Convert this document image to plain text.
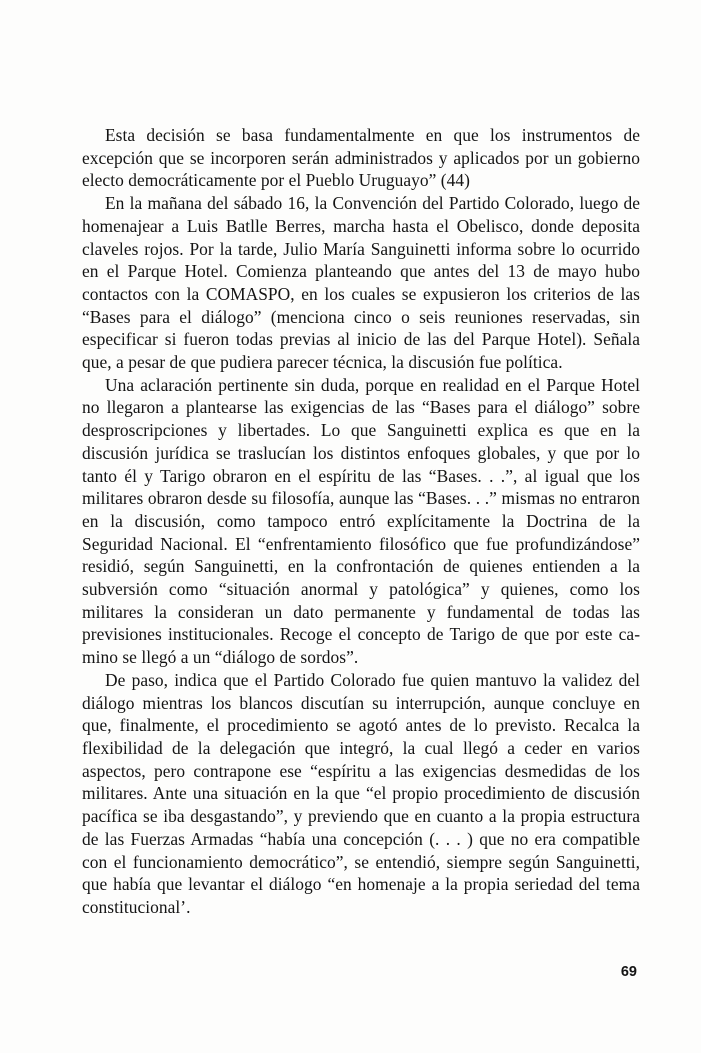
Esta decisión se basa fundamentalmente en que los instrumentos de excepción que se incorporen serán administrados y aplicados por un gobierno electo democráticamente por el Pueblo Uruguayo” (44)

En la mañana del sábado 16, la Convención del Partido Colorado, luego de homenajear a Luis Batlle Berres, marcha hasta el Obelisco, donde deposita claveles rojos. Por la tarde, Julio María Sanguinetti informa sobre lo ocurrido en el Parque Hotel. Comienza planteando que antes del 13 de mayo hubo contactos con la COMASPO, en los cuales se expusieron los criterios de las “Bases para el diálogo” (menciona cinco o seis reuniones reservadas, sin especificar si fueron todas previas al inicio de las del Parque Hotel). Señala que, a pesar de que pudiera parecer técnica, la discusión fue política.

Una aclaración pertinente sin duda, porque en realidad en el Parque Hotel no llegaron a plantearse las exigencias de las “Bases para el diálogo” sobre desproscripciones y libertades. Lo que Sanguinetti explica es que en la discusión jurídica se traslucían los distintos enfoques globales, y que por lo tanto él y Tarigo obraron en el espíritu de las “Bases. . .”, al igual que los militares obraron desde su filosofía, aunque las “Bases. . .” mismas no entraron en la discusión, como tampoco entró explícitamente la Doctrina de la Seguridad Nacional. El “enfrentamiento filosófico que fue profundizándose” residió, según Sanguinetti, en la confrontación de quienes entienden a la subversión como “situación anormal y patológica” y quienes, como los militares la consideran un dato permanente y fundamental de todas las previsiones institucionales. Recoge el concepto de Tarigo de que por este camino se llegó a un “diálogo de sordos”.

De paso, indica que el Partido Colorado fue quien mantuvo la validez del diálogo mientras los blancos discutían su interrupción, aunque concluye en que, finalmente, el procedimiento se agotó antes de lo previsto. Recalca la flexibilidad de la delegación que integró, la cual llegó a ceder en varios aspectos, pero contrapone ese “espíritu a las exigencias desmedidas de los militares. Ante una situación en la que “el propio procedimiento de discusión pacífica se iba desgastando”, y previendo que en cuanto a la propia estructura de las Fuerzas Armadas “había una concepción (. . . ) que no era compatible con el funcionamiento democrático”, se entendió, siempre según Sanguinetti, que había que levantar el diálogo “en homenaje a la propia seriedad del tema constitucional’.

69
